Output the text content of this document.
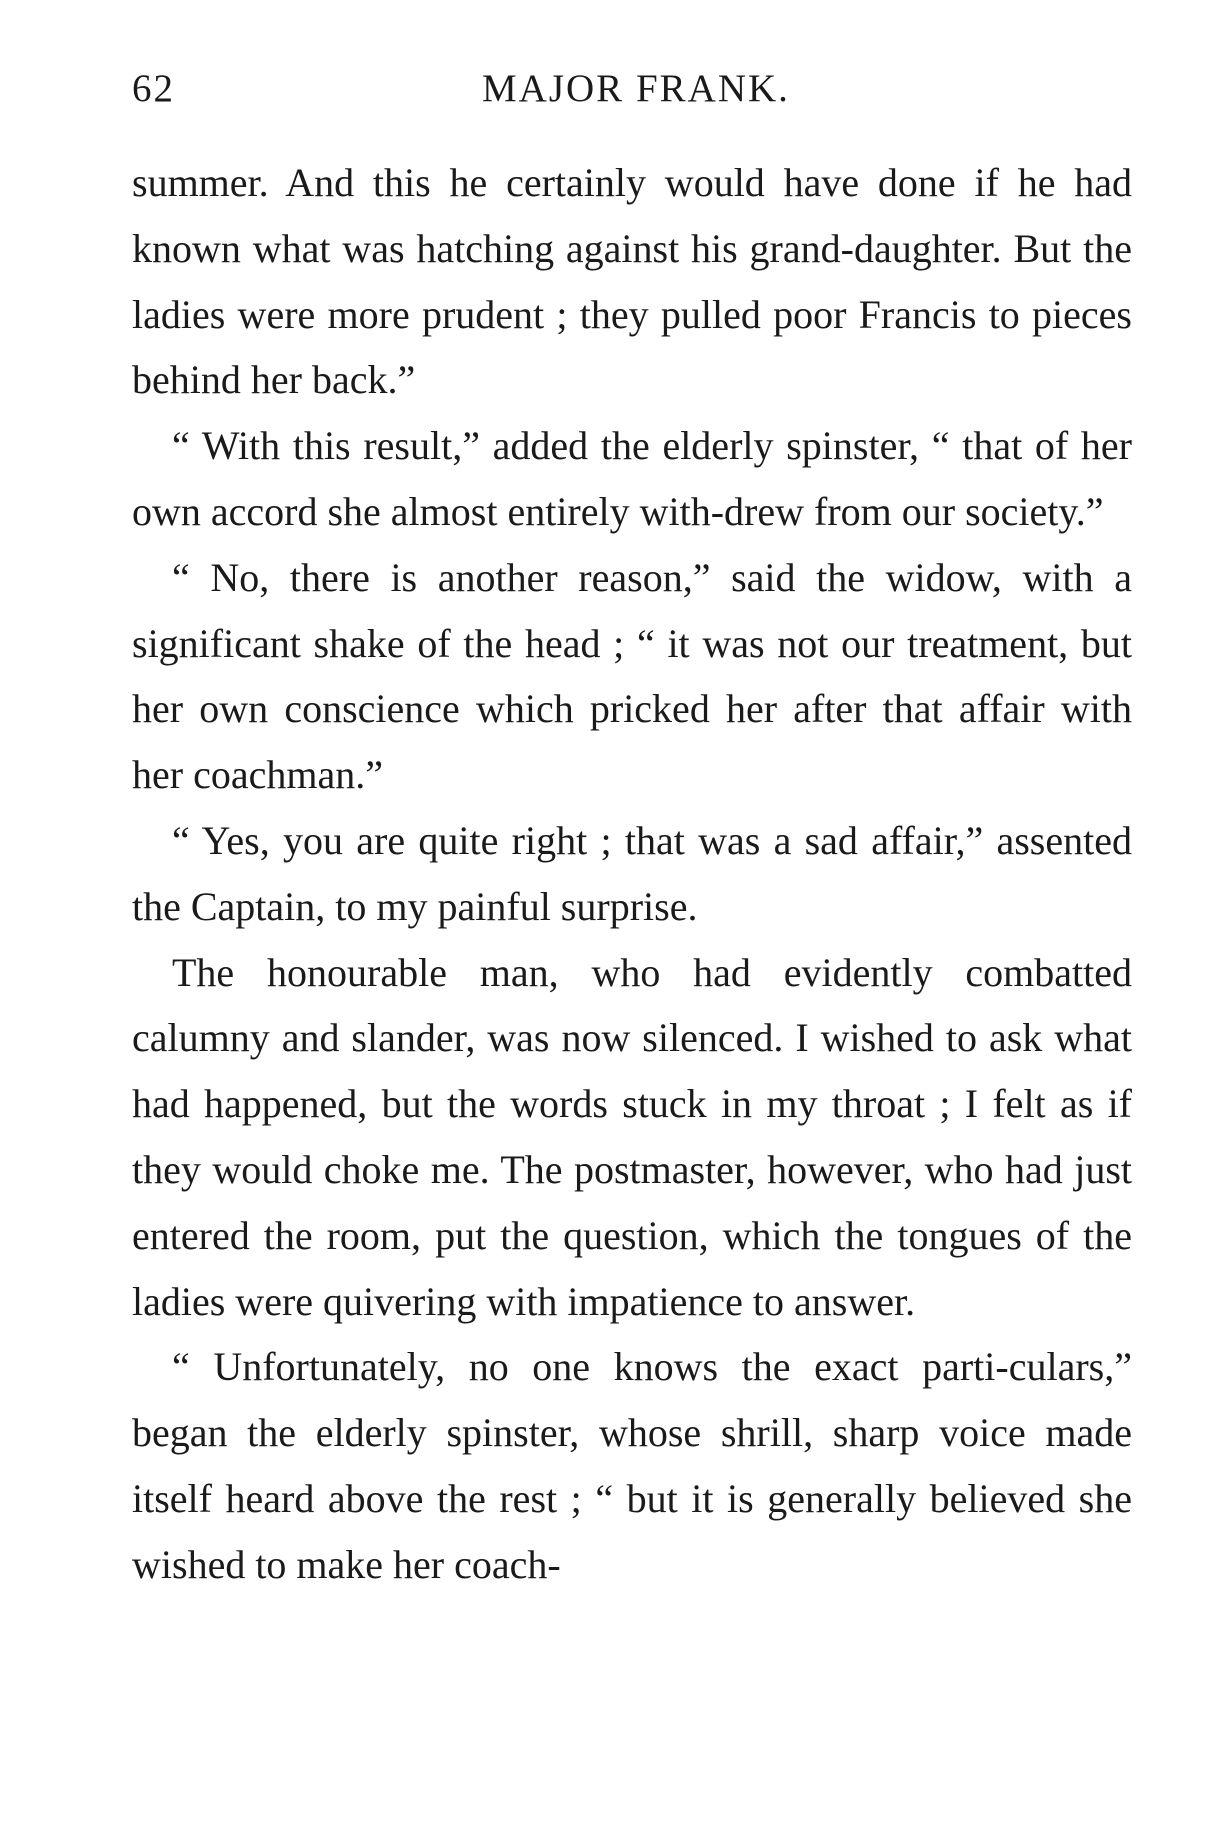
62	MAJOR FRANK.

summer. And this he certainly would have done if he had known what was hatching against his grand-daughter. But the ladies were more prudent ; they pulled poor Francis to pieces behind her back.”

“ With this result,” added the elderly spinster, “ that of her own accord she almost entirely with-drew from our society.”

“ No, there is another reason,” said the widow, with a significant shake of the head ; “ it was not our treatment, but her own conscience which pricked her after that affair with her coachman.”

“ Yes, you are quite right ; that was a sad affair,” assented the Captain, to my painful surprise.

The honourable man, who had evidently combatted calumny and slander, was now silenced. I wished to ask what had happened, but the words stuck in my throat ; I felt as if they would choke me. The postmaster, however, who had just entered the room, put the question, which the tongues of the ladies were quivering with impatience to answer.

“ Unfortunately, no one knows the exact parti-culars,” began the elderly spinster, whose shrill, sharp voice made itself heard above the rest ; “ but it is generally believed she wished to make her coach-
